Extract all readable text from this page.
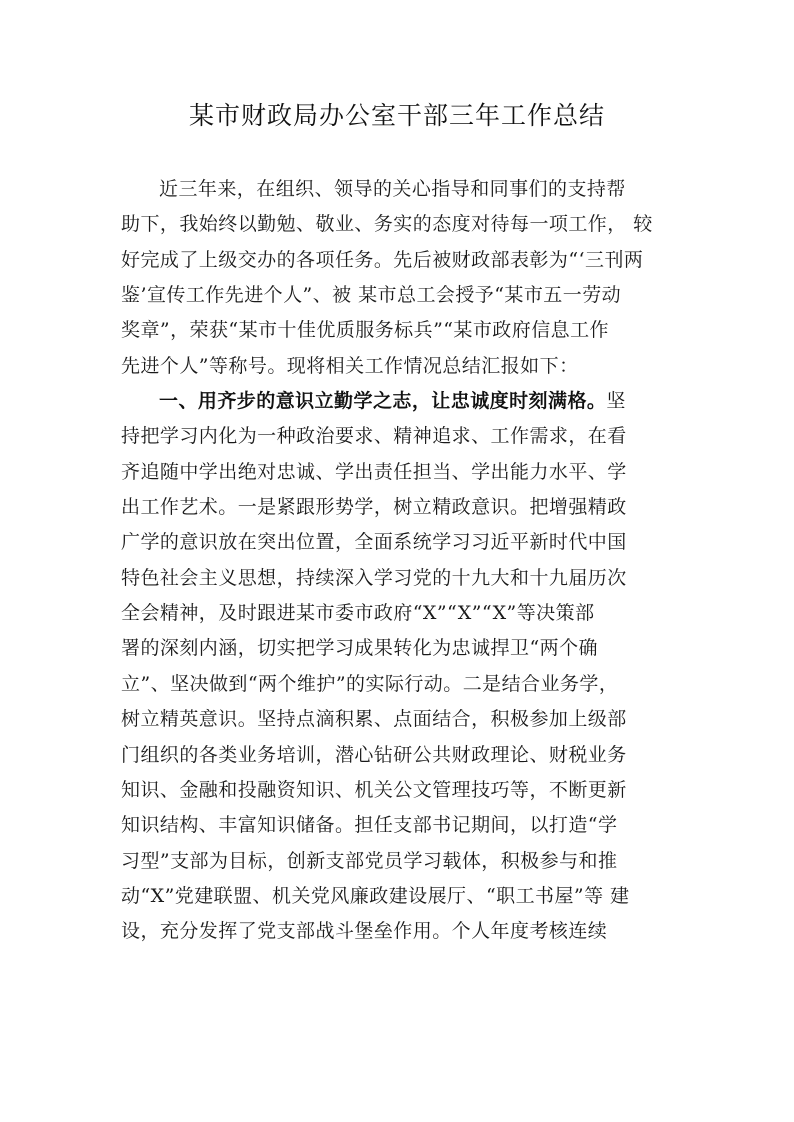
某市财政局办公室干部三年工作总结
近三年来，在组织、领导的关心指导和同事们的支持帮
助下，我始终以勤勉、敬业、务实的态度对待每一项工作， 较
好完成了上级交办的各项任务。先后被财政部表彰为“‘三刊两
鉴’宣传工作先进个人”、被 某市总工会授予“某市五一劳动
奖章”，荣获“某市十佳优质服务标兵”“某市政府信息工作
先进个人”等称号。现将相关工作情况总结汇报如下：
一、用齐步的意识立勤学之志，让忠诚度时刻满格。坚
持把学习内化为一种政治要求、精神追求、工作需求，在看
齐追随中学出绝对忠诚、学出责任担当、学出能力水平、学
出工作艺术。一是紧跟形势学，树立精政意识。把增强精政
广学的意识放在突出位置，全面系统学习习近平新时代中国
特色社会主义思想，持续深入学习党的十九大和十九届历次
全会精神，及时跟进某市委市政府“X”“X”“X”等决策部
署的深刻内涵，切实把学习成果转化为忠诚捍卫“两个确
立”、坚决做到“两个维护”的实际行动。二是结合业务学，
树立精英意识。坚持点滴积累、点面结合，积极参加上级部
门组织的各类业务培训，潜心钻研公共财政理论、财税业务
知识、金融和投融资知识、机关公文管理技巧等，不断更新
知识结构、丰富知识储备。担任支部书记期间，以打造“学
习型”支部为目标，创新支部党员学习载体，积极参与和推
动“X”党建联盟、机关党风廉政建设展厅、“职工书屋”等 建
设，充分发挥了党支部战斗堡垒作用。个人年度考核连续
